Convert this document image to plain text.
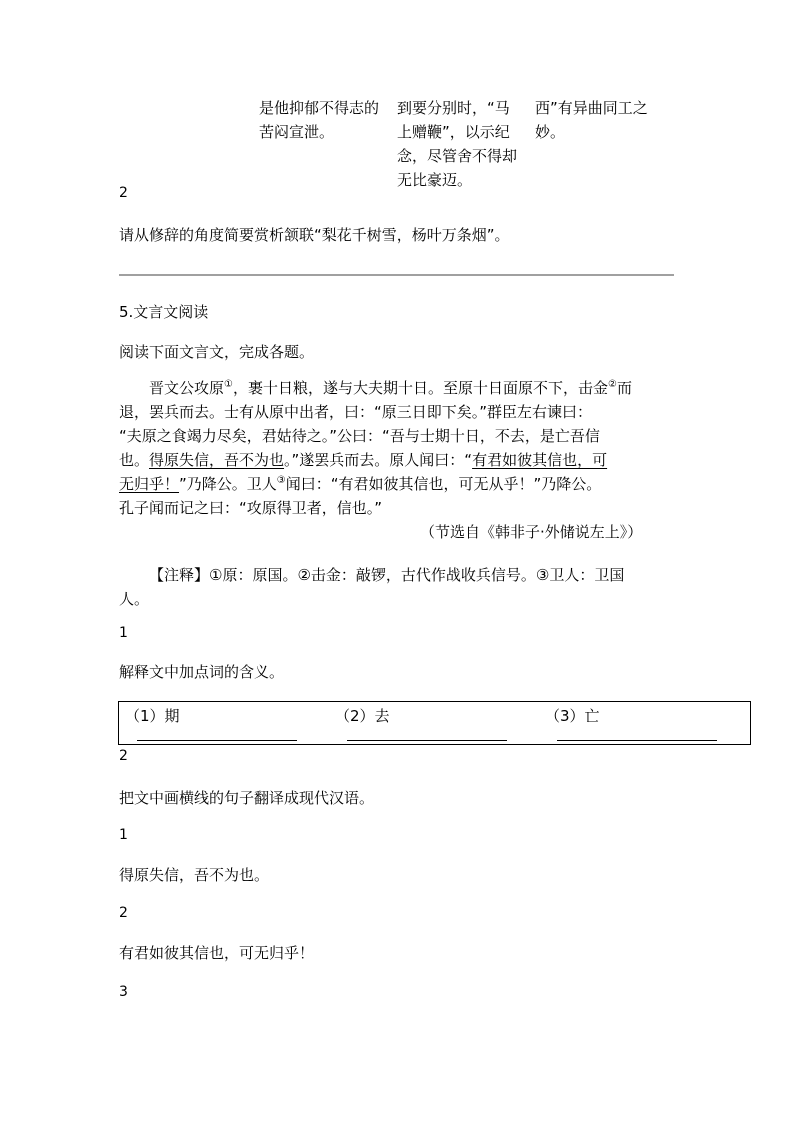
是他抑郁不得志的
苦闷宣泄。
到要分别时，“马
上赠鞭”，以示纪
念，尽管舍不得却
无比豪迈。
西”有异曲同工之
妙。
2
请从修辞的角度简要赏析颔联“梨花千树雪，杨叶万条烟”。
5.文言文阅读
阅读下面文言文，完成各题。
晋文公攻原①，裹十日粮，遂与大夫期十日。至原十日面原不下，击金②而
退，罢兵而去。士有从原中出者，曰：“原三日即下矣。”群臣左右谏曰：
“夫原之食竭力尽矣，君姑待之。”公曰：“吾与士期十日，不去，是亡吾信
也。得原失信，吾不为也。”遂罢兵而去。原人闻曰：“有君如彼其信也，可
无归乎！”乃降公。卫人③闻曰：“有君如彼其信也，可无从乎！”乃降公。
孔子闻而记之曰：“攻原得卫者，信也。”
（节选自《韩非子·外储说左上》）
【注释】①原：原国。②击金：敲锣，古代作战收兵信号。③卫人：卫国
人。
1
解释文中加点词的含义。
（1）期	（2）去	（3）亡
2
把文中画横线的句子翻译成现代汉语。
1
得原失信，吾不为也。
2
有君如彼其信也，可无归乎！
3
